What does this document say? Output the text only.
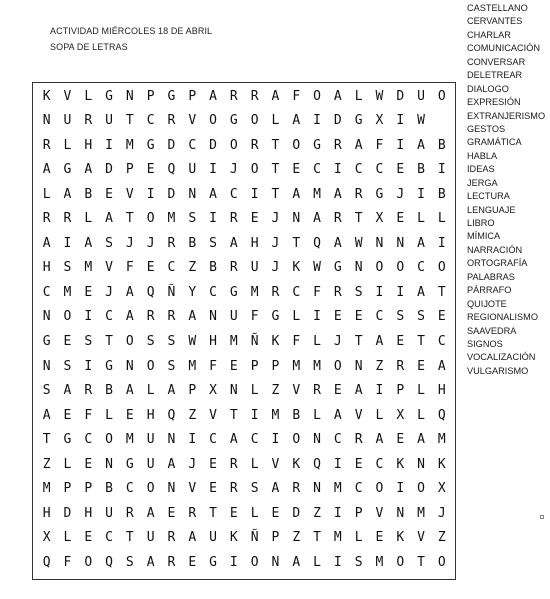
ACTIVIDAD MIÉRCOLES 18 DE ABRIL
SOPA DE LETRAS
CASTELLANO
CERVANTES
CHARLAR
COMUNICACIÓN
CONVERSAR
DELETREAR
DIALOGO
EXPRESIÓN
EXTRANJERISMO
GESTOS
GRAMÁTICA
HABLA
IDEAS
JERGA
LECTURA
LENGUAJE
LIBRO
MÍMICA
NARRACIÓN
ORTOGRAFÍA
PALABRAS
PÁRRAFO
QUIJOTE
REGIONALISMO
SAAVEDRA
SIGNOS
VOCALIZACIÓN
VULGARISMO
K V L G N P G P A R R A F O A L W D U O
N U R U T C R V O G O L A I D G X I W
R L H I M G D C D O R T O G R A F I A B
A G A D P E Q U I J O T E C I C C E B I
L A B E V I D N A C I T A M A R G J I B
R R L A T O M S I R E J N A R T X E L L
A I A S J J R B S A H J T Q A W N N A I
H S M V F E C Z B R U J K W G N O O C O
C M E J A Q Ñ Y C G M R C F R S I I A T
N O I C A R R A N U F G L I E E C S S E
G E S T O S S W H M Ñ K F L J T A E T C
N S I G N O S M F E P P M M O N Z R E A
S A R B A L A P X N L Z V R E A I P L H
A E F L E H Q Z V T I M B L A V L X L Q
T G C O M U N I C A C I O N C R A E A M
Z L E N G U A J E R L V K Q I E C K N K
M P P B C O N V E R S A R N M C O I O X
H D H U R A E R T E L E D Z I P V N M J
X L E C T U R A U K Ñ P Z T M L E K V Z
Q F O Q S A R E G I O N A L I S M O T O
